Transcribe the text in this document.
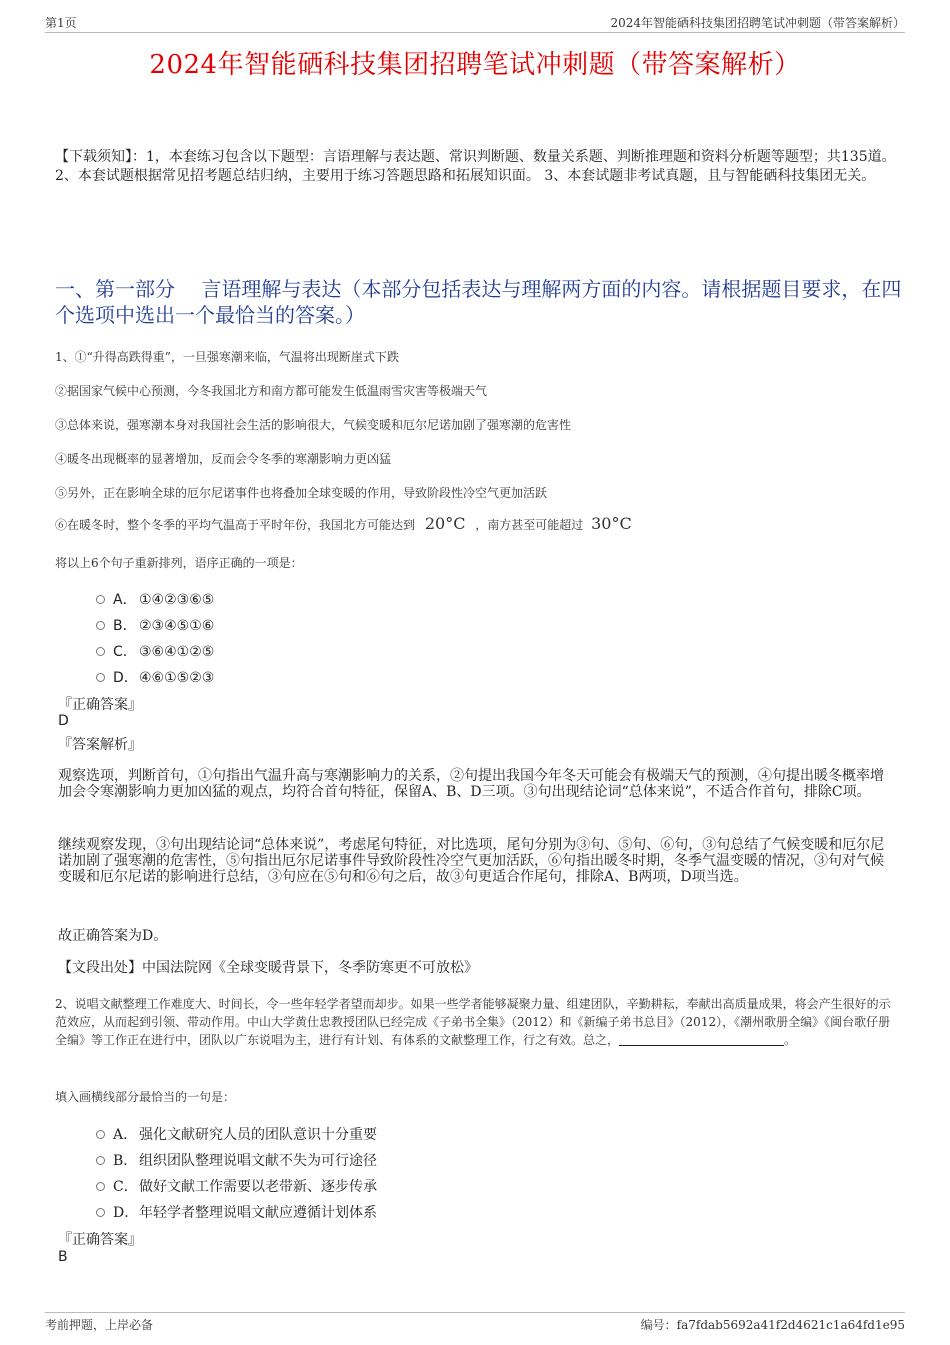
第1页	2024年智能硒科技集团招聘笔试冲刺题（带答案解析）
2024年智能硒科技集团招聘笔试冲刺题（带答案解析）
【下载须知】：1，本套练习包含以下题型：言语理解与表达题、常识判断题、数量关系题、判断推理题和资料分析题等题型；共135道。 2、本套试题根据常见招考题总结归纳，主要用于练习答题思路和拓展知识面。 3、本套试题非考试真题，且与智能硒科技集团无关。
一、第一部分　 言语理解与表达（本部分包括表达与理解两方面的内容。请根据题目要求，在四个选项中选出一个最恰当的答案。）
1、①“升得高跌得重”，一旦强寒潮来临，气温将出现断崖式下跌
②据国家气候中心预测，今冬我国北方和南方都可能发生低温雨雪灾害等极端天气
③总体来说，强寒潮本身对我国社会生活的影响很大，气候变暖和厄尔尼诺加剧了强寒潮的危害性
④暖冬出现概率的显著增加，反而会令冬季的寒潮影响力更凶猛
⑤另外，正在影响全球的厄尔尼诺事件也将叠加全球变暖的作用，导致阶段性冷空气更加活跃
⑥在暖冬时，整个冬季的平均气温高于平时年份，我国北方可能达到 20°C ，南方甚至可能超过 30°C
将以上6个句子重新排列，语序正确的一项是：
A． ①④②③⑥⑤
B． ②③④⑤①⑥
C． ③⑥④①②⑤
D．④⑥①⑤②③
『正确答案』
D
『答案解析』
观察选项，判断首句，①句指出气温升高与寒潮影响力的关系，②句提出我国今年冬天可能会有极端天气的预测，④句提出暖冬概率增加会令寒潮影响力更加凶猛的观点，均符合首句特征，保留A、B、D三项。③句出现结论词“总体来说”，不适合作首句，排除C项。
继续观察发现，③句出现结论词“总体来说”，考虑尾句特征，对比选项，尾句分别为③句、⑤句、⑥句，③句总结了气候变暖和厄尔尼诺加剧了强寒潮的危害性，⑤句指出厄尔尼诺事件导致阶段性冷空气更加活跃，⑥句指出暖冬时期，冬季气温变暖的情况，③句对气候变暖和厄尔尼诺的影响进行总结，③句应在⑤句和⑥句之后，故③句更适合作尾句，排除A、B两项，D项当选。
故正确答案为D。
【文段出处】中国法院网《全球变暖背景下，冬季防寒更不可放松》
2、说唱文献整理工作难度大、时间长，令一些年轻学者望而却步。如果一些学者能够凝聚力量、组建团队，辛勤耕耘，奉献出高质量成果，将会产生很好的示范效应，从而起到引领、带动作用。中山大学黄仕忠教授团队已经完成《子弟书全集》（2012）和《新编子弟书总目》（2012），《潮州歌册全编》《闽台歌仔册全编》等工作正在进行中，团队以广东说唱为主，进行有计划、有体系的文献整理工作，行之有效。总之，	。
填入画横线部分最恰当的一句是：
A． 强化文献研究人员的团队意识十分重要
B． 组织团队整理说唱文献不失为可行途径
C．做好文献工作需要以老带新、逐步传承
D．年轻学者整理说唱文献应遵循计划体系
『正确答案』
B
考前押题，上岸必备	编号：fa7fdab5692a41f2d4621c1a64fd1e95
